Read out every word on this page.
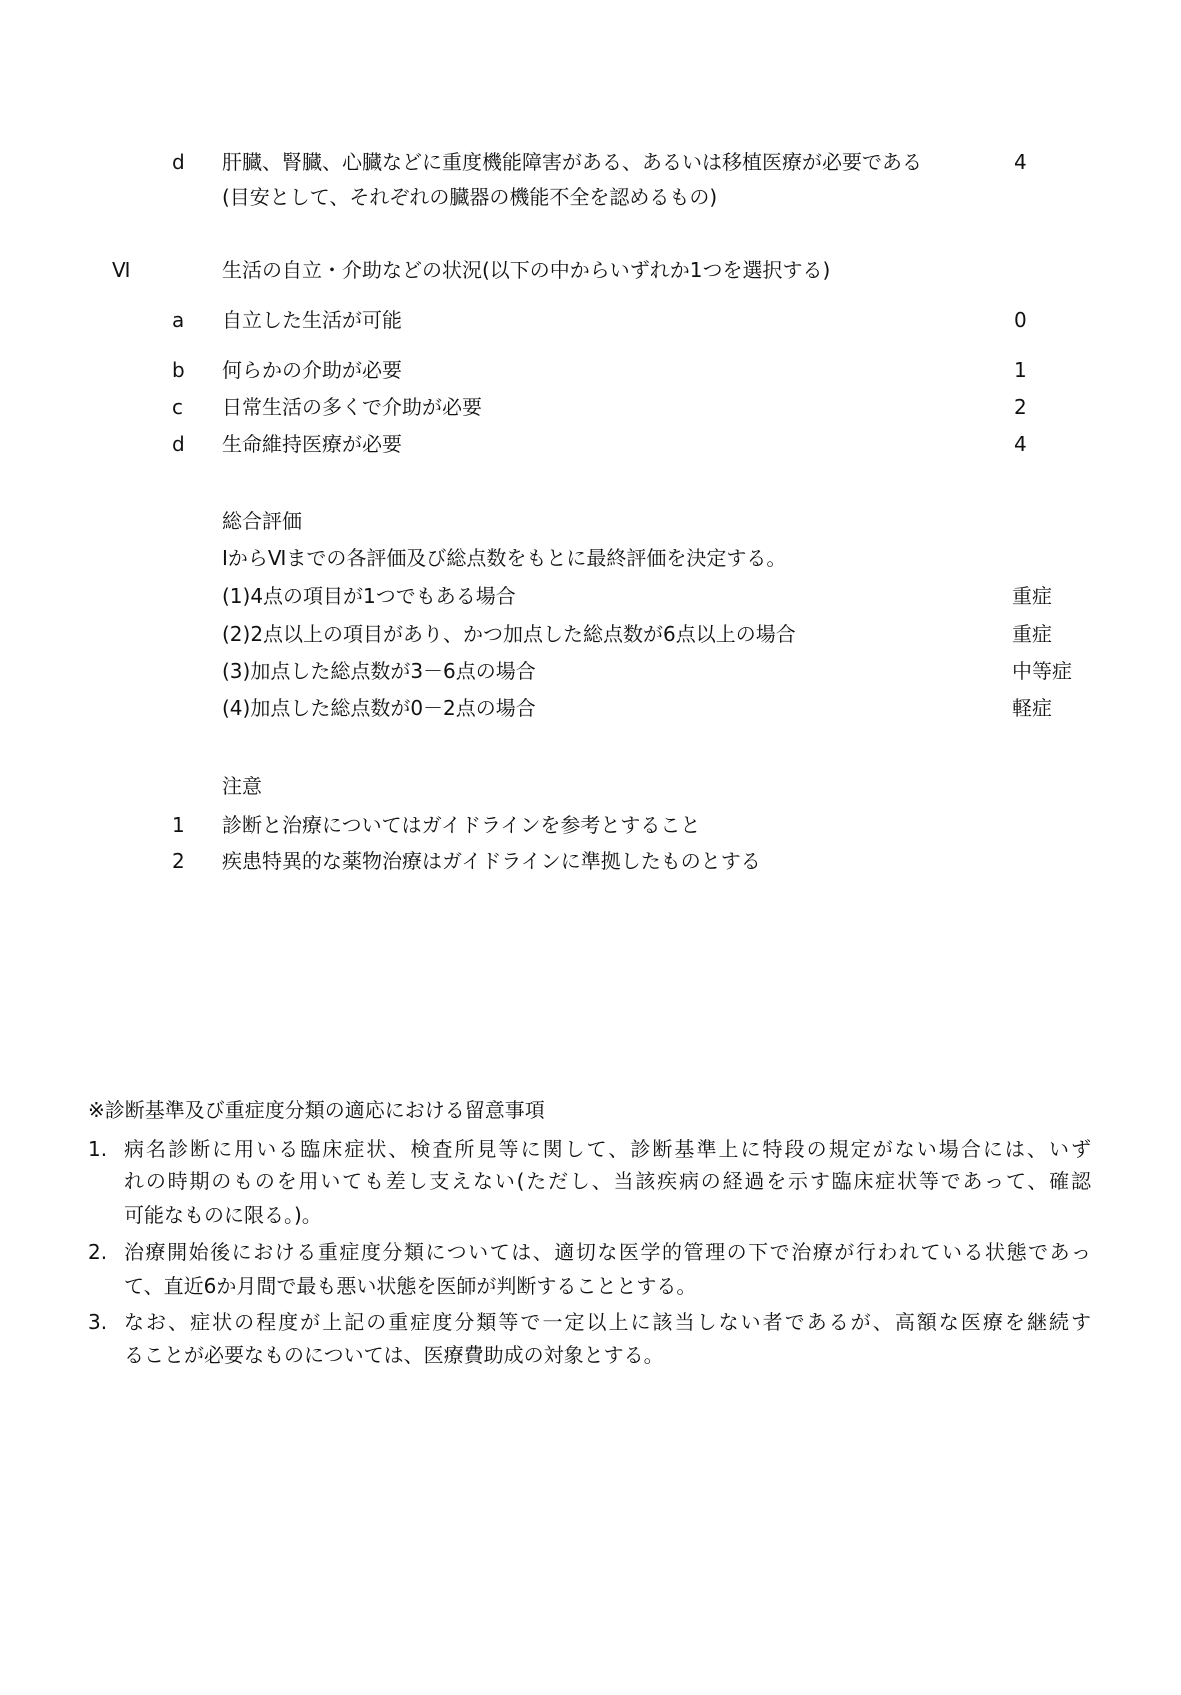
d 肝臓、腎臓、心臓などに重度機能障害がある、あるいは移植医療が必要である	4
(目安として、それぞれの臓器の機能不全を認めるもの)
Ⅵ	生活の自立・介助などの状況(以下の中からいずれか1つを選択する)
a 自立した生活が可能	0
b 何らかの介助が必要	1
c 日常生活の多くで介助が必要	2
d 生命維持医療が必要	4
総合評価
ⅠからⅥまでの各評価及び総点数をもとに最終評価を決定する。
(1)4点の項目が1つでもある場合	重症
(2)2点以上の項目があり、かつ加点した総点数が6点以上の場合	重症
(3)加点した総点数が3－6点の場合	中等症
(4)加点した総点数が0－2点の場合	軽症
注意
1 診断と治療についてはガイドラインを参考とすること
2 疾患特異的な薬物治療はガイドラインに準拠したものとする
※診断基準及び重症度分類の適応における留意事項
1. 病名診断に用いる臨床症状、検査所見等に関して、診断基準上に特段の規定がない場合には、いず
れの時期のものを用いても差し支えない(ただし、当該疾病の経過を示す臨床症状等であって、確認
可能なものに限る。)。
2. 治療開始後における重症度分類については、適切な医学的管理の下で治療が行われている状態であっ
て、直近6か月間で最も悪い状態を医師が判断することとする。
3. なお、症状の程度が上記の重症度分類等で一定以上に該当しない者であるが、高額な医療を継続す
ることが必要なものについては、医療費助成の対象とする。
